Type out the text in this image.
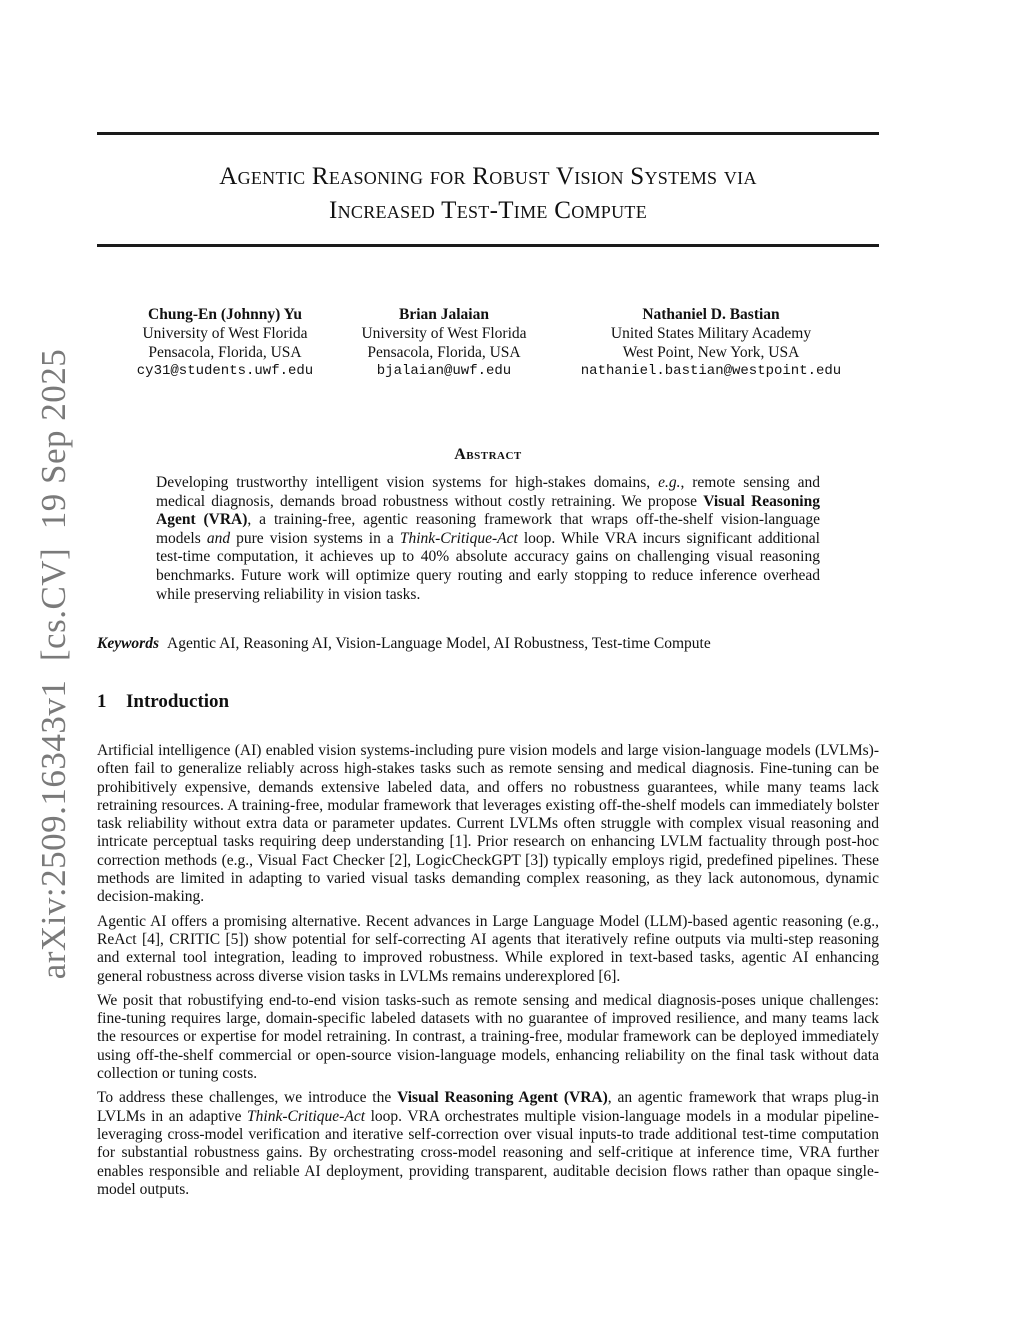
Agentic Reasoning for Robust Vision Systems via
Increased Test-Time Compute
Chung-En (Johnny) Yu
University of West Florida
Pensacola, Florida, USA
cy31@students.uwf.edu
Brian Jalaian
University of West Florida
Pensacola, Florida, USA
bjalaian@uwf.edu
Nathaniel D. Bastian
United States Military Academy
West Point, New York, USA
nathaniel.bastian@westpoint.edu
Abstract

Developing trustworthy intelligent vision systems for high-stakes domains, e.g., remote sensing and medical diagnosis, demands broad robustness without costly retraining. We propose Visual Reasoning Agent (VRA), a training-free, agentic reasoning framework that wraps off-the-shelf vision-language models and pure vision systems in a Think-Critique-Act loop. While VRA incurs significant additional test-time computation, it achieves up to 40% absolute accuracy gains on challenging visual reasoning benchmarks. Future work will optimize query routing and early stopping to reduce inference overhead while preserving reliability in vision tasks.

Keywords Agentic AI, Reasoning AI, Vision-Language Model, AI Robustness, Test-time Compute

1 Introduction

Artificial intelligence (AI) enabled vision systems-including pure vision models and large vision-language models (LVLMs)-often fail to generalize reliably across high-stakes tasks such as remote sensing and medical diagnosis. Fine-tuning can be prohibitively expensive, demands extensive labeled data, and offers no robustness guarantees, while many teams lack retraining resources. A training-free, modular framework that leverages existing off-the-shelf models can immediately bolster task reliability without extra data or parameter updates. Current LVLMs often struggle with complex visual reasoning and intricate perceptual tasks requiring deep understanding [1]. Prior research on enhancing LVLM factuality through post-hoc correction methods (e.g., Visual Fact Checker [2], LogicCheckGPT [3]) typically employs rigid, predefined pipelines. These methods are limited in adapting to varied visual tasks demanding complex reasoning, as they lack autonomous, dynamic decision-making.

Agentic AI offers a promising alternative. Recent advances in Large Language Model (LLM)-based agentic reasoning (e.g., ReAct [4], CRITIC [5]) show potential for self-correcting AI agents that iteratively refine outputs via multi-step reasoning and external tool integration, leading to improved robustness. While explored in text-based tasks, agentic AI enhancing general robustness across diverse vision tasks in LVLMs remains underexplored [6].

We posit that robustifying end-to-end vision tasks-such as remote sensing and medical diagnosis-poses unique challenges: fine-tuning requires large, domain-specific labeled datasets with no guarantee of improved resilience, and many teams lack the resources or expertise for model retraining. In contrast, a training-free, modular framework can be deployed immediately using off-the-shelf commercial or open-source vision-language models, enhancing reliability on the final task without data collection or tuning costs.

To address these challenges, we introduce the Visual Reasoning Agent (VRA), an agentic framework that wraps plug-in LVLMs in an adaptive Think-Critique-Act loop. VRA orchestrates multiple vision-language models in a modular pipeline-leveraging cross-model verification and iterative self-correction over visual inputs-to trade additional test-time computation for substantial robustness gains. By orchestrating cross-model reasoning and self-critique at inference time, VRA further enables responsible and reliable AI deployment, providing transparent, auditable decision flows rather than opaque single-model outputs.

arXiv:2509.16343v1  [cs.CV]  19 Sep 2025
